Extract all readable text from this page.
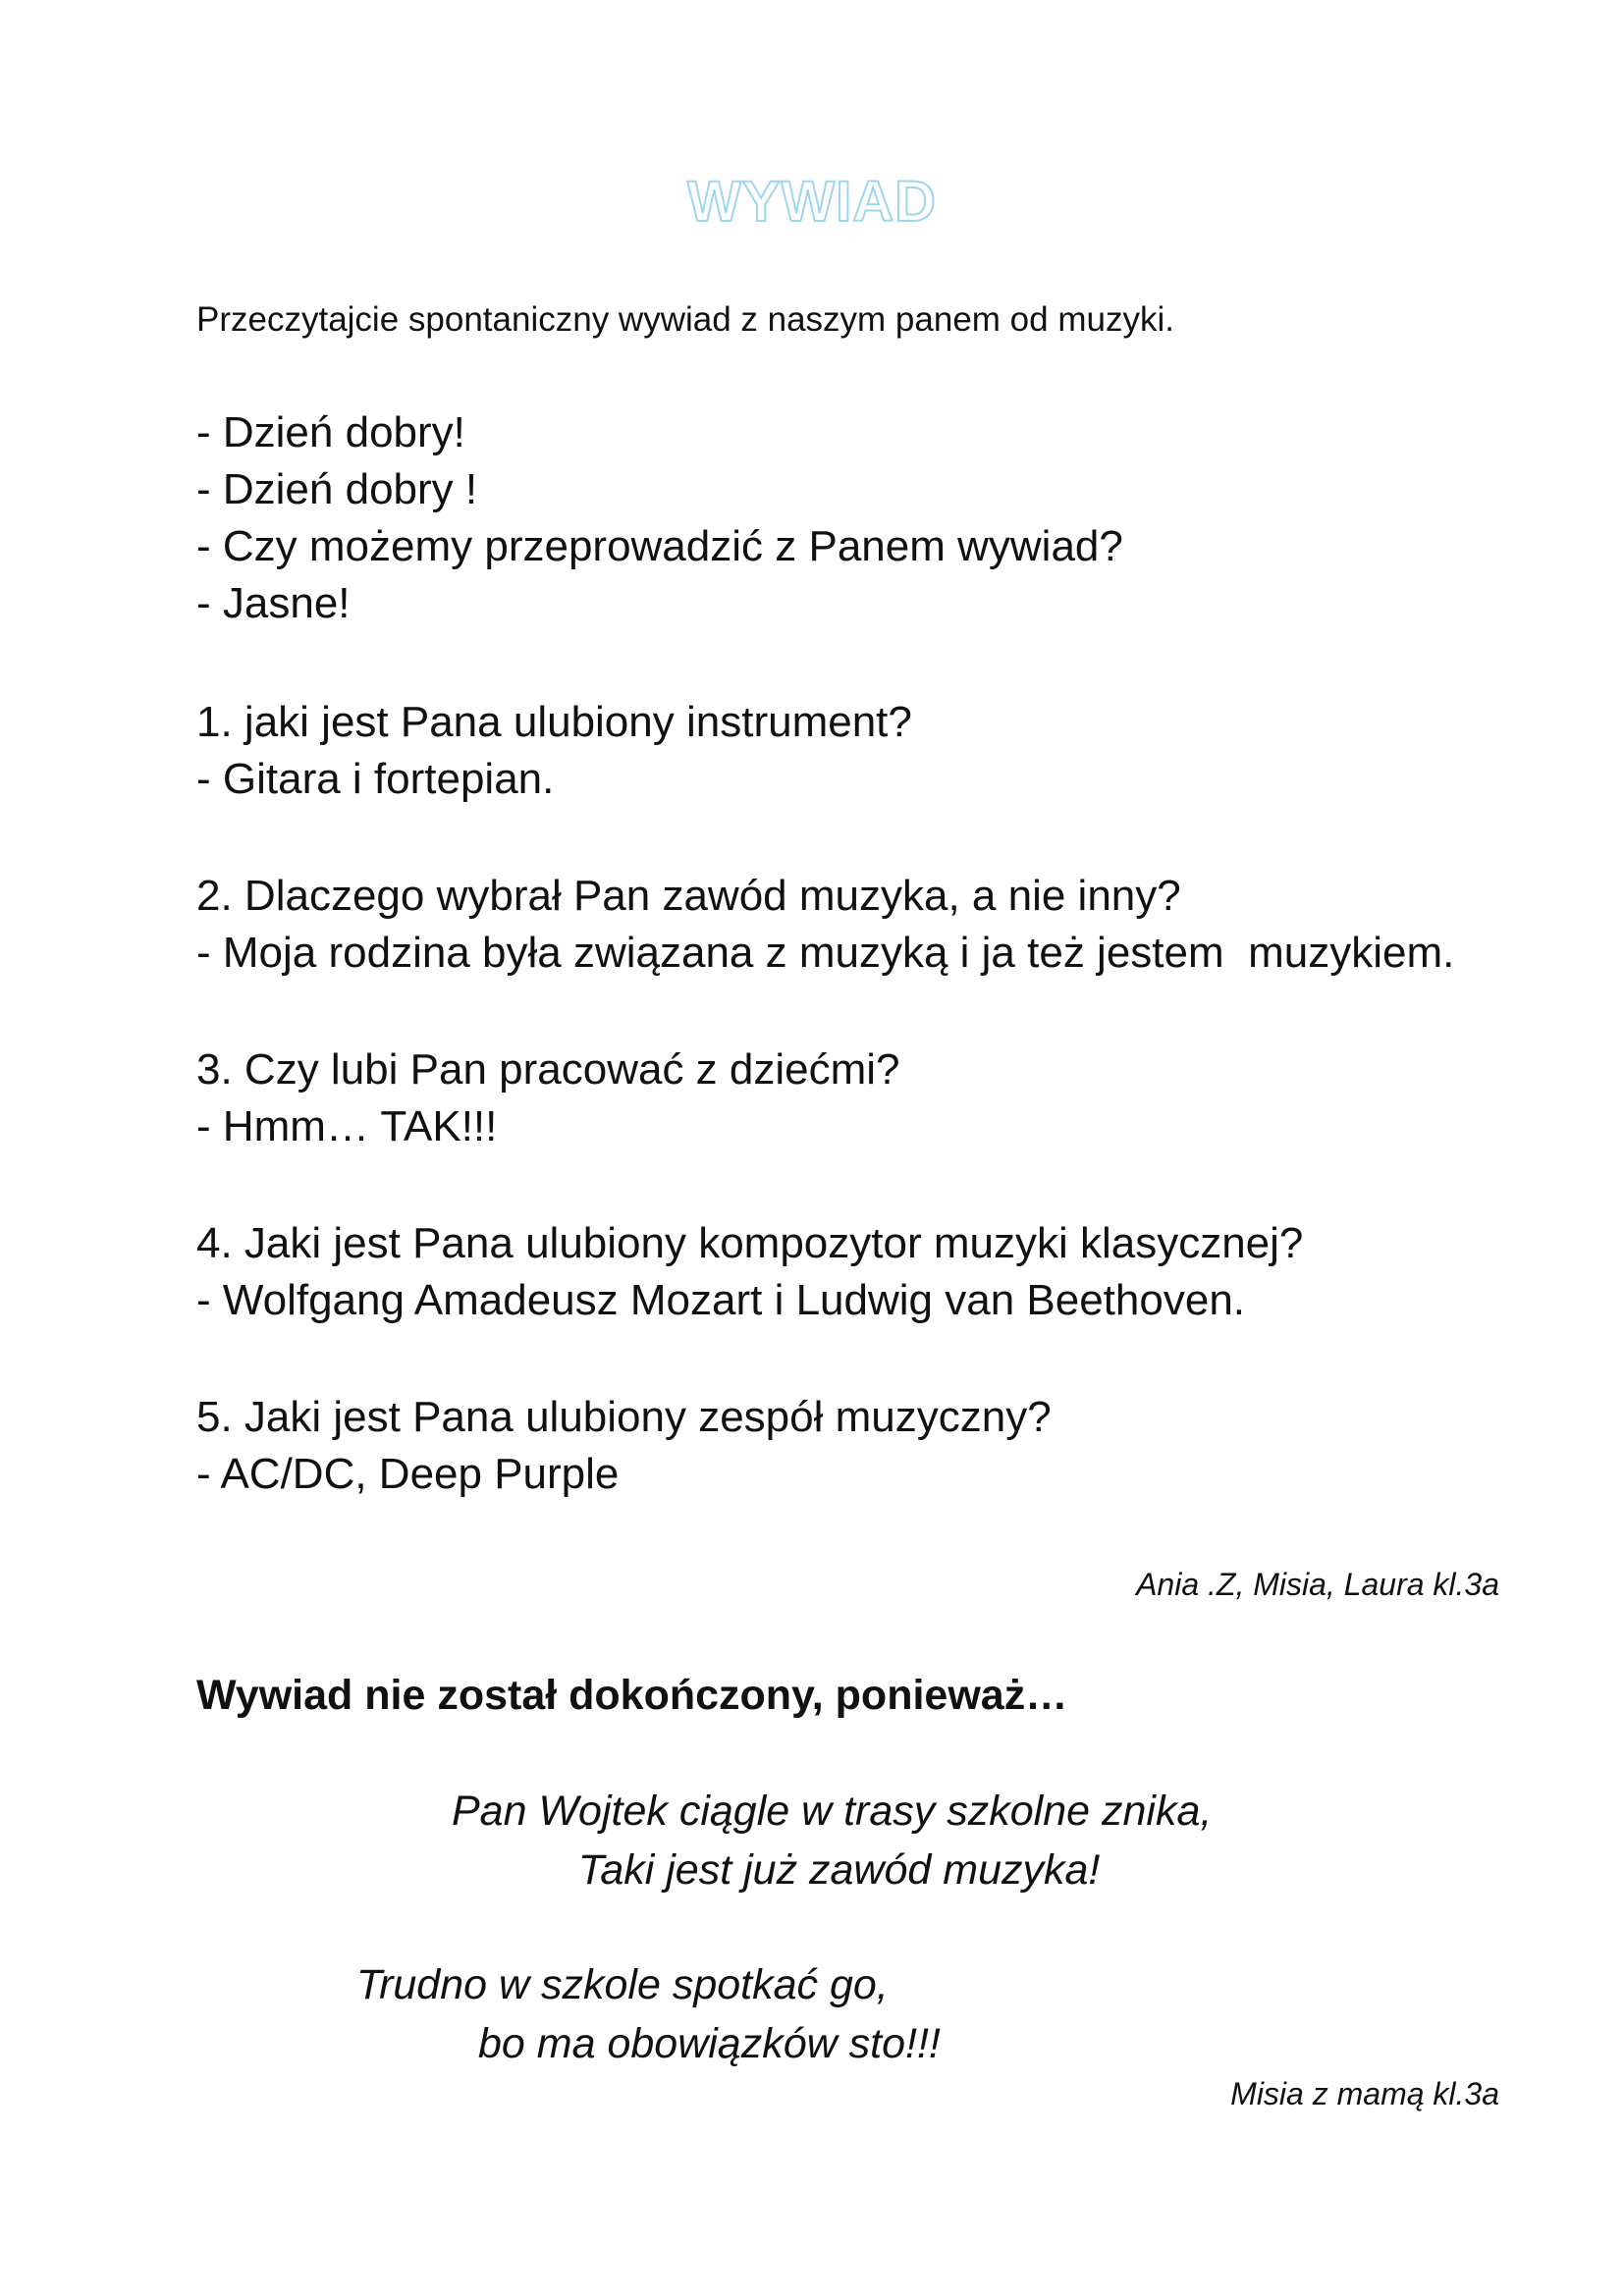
WYWIAD
Przeczytajcie spontaniczny wywiad z naszym panem od muzyki.
- Dzień dobry!
- Dzień dobry !
- Czy możemy przeprowadzić z Panem wywiad?
- Jasne!
1. jaki jest Pana ulubiony instrument?
- Gitara i fortepian.
2. Dlaczego wybrał Pan zawód muzyka, a nie inny?
- Moja rodzina była związana z muzyką i ja też jestem  muzykiem.
3. Czy lubi Pan pracować z dziećmi?
- Hmm… TAK!!!
4. Jaki jest Pana ulubiony kompozytor muzyki klasycznej?
- Wolfgang Amadeusz Mozart i Ludwig van Beethoven.
5. Jaki jest Pana ulubiony zespół muzyczny?
- AC/DC, Deep Purple
Ania .Z, Misia, Laura kl.3a
Wywiad nie został dokończony, ponieważ…
Pan Wojtek ciągle w trasy szkolne znika,
Taki jest już zawód muzyka!
Trudno w szkole spotkać go,
bo ma obowiązków sto!!!
Misia z mamą kl.3a
